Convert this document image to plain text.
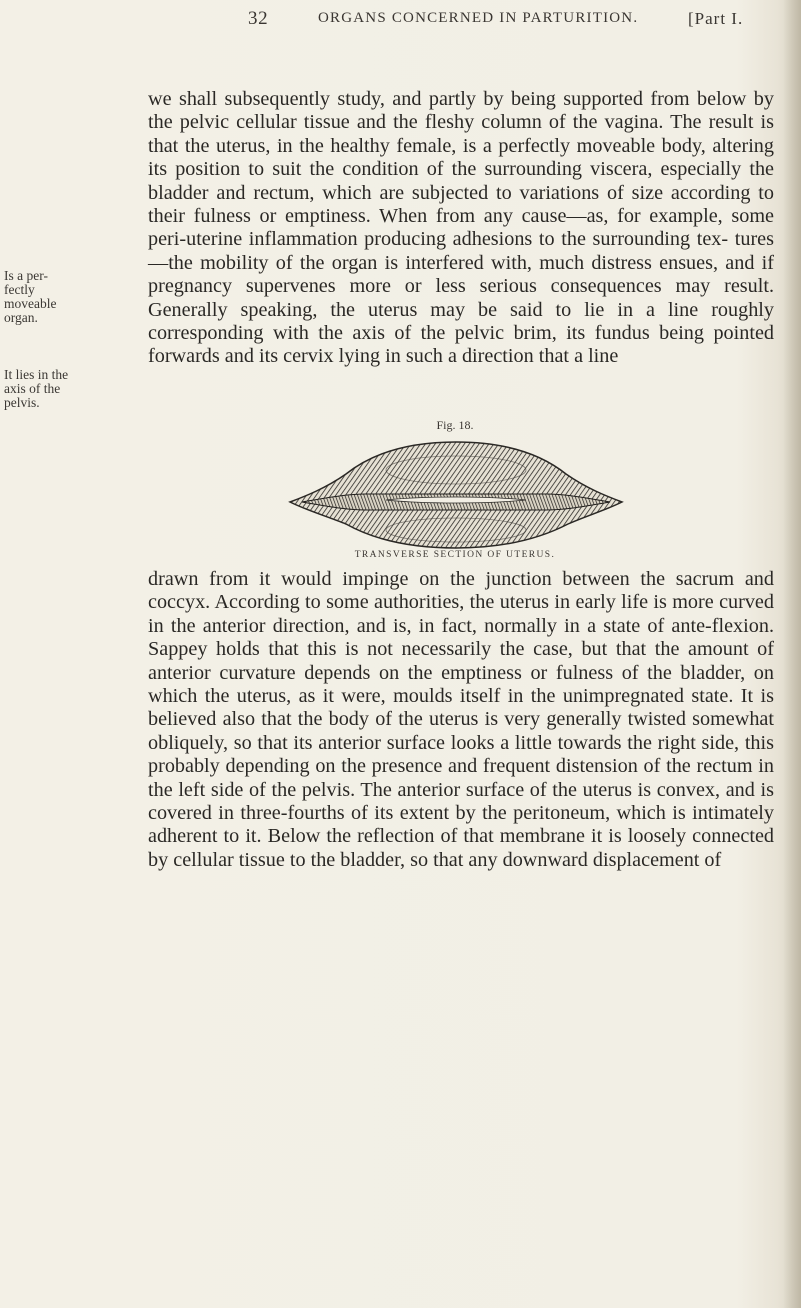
32	ORGANS CONCERNED IN PARTURITION.	[Part I.
Is a per- fectly moveable organ.
It lies in the axis of the pelvis.

we shall subsequently study, and partly by being supported from below by the pelvic cellular tissue and the fleshy column of the vagina. The result is that the uterus, in the healthy female, is a perfectly moveable body, altering its position to suit the condition of the surrounding viscera, especially the bladder and rectum, which are subjected to variations of size according to their fulness or emptiness. When from any cause—as, for example, some peri-uterine inflammation producing adhesions to the surrounding tex- tures—the mobility of the organ is interfered with, much distress ensues, and if pregnancy supervenes more or less serious consequences may result. Generally speaking, the uterus may be said to lie in a line roughly corresponding with the axis of the pelvic brim, its fundus being pointed forwards and its cervix lying in such a direction that a line

Fig. 18.
TRANSVERSE SECTION OF UTERUS.

drawn from it would impinge on the junction between the sacrum and coccyx. According to some authorities, the uterus in early life is more curved in the anterior direction, and is, in fact, normally in a state of ante-flexion. Sappey holds that this is not necessarily the case, but that the amount of anterior curvature depends on the emptiness or fulness of the bladder, on which the uterus, as it were, moulds itself in the unimpregnated state. It is believed also that the body of the uterus is very generally twisted somewhat obliquely, so that its anterior surface looks a little towards the right side, this probably depending on the presence and frequent distension of the rectum in the left side of the pelvis. The anterior surface of the uterus is convex, and is covered in three-fourths of its extent by the peritoneum, which is intimately adherent to it. Below the reflection of that membrane it is loosely connected by cellular tissue to the bladder, so that any downward displacement of
